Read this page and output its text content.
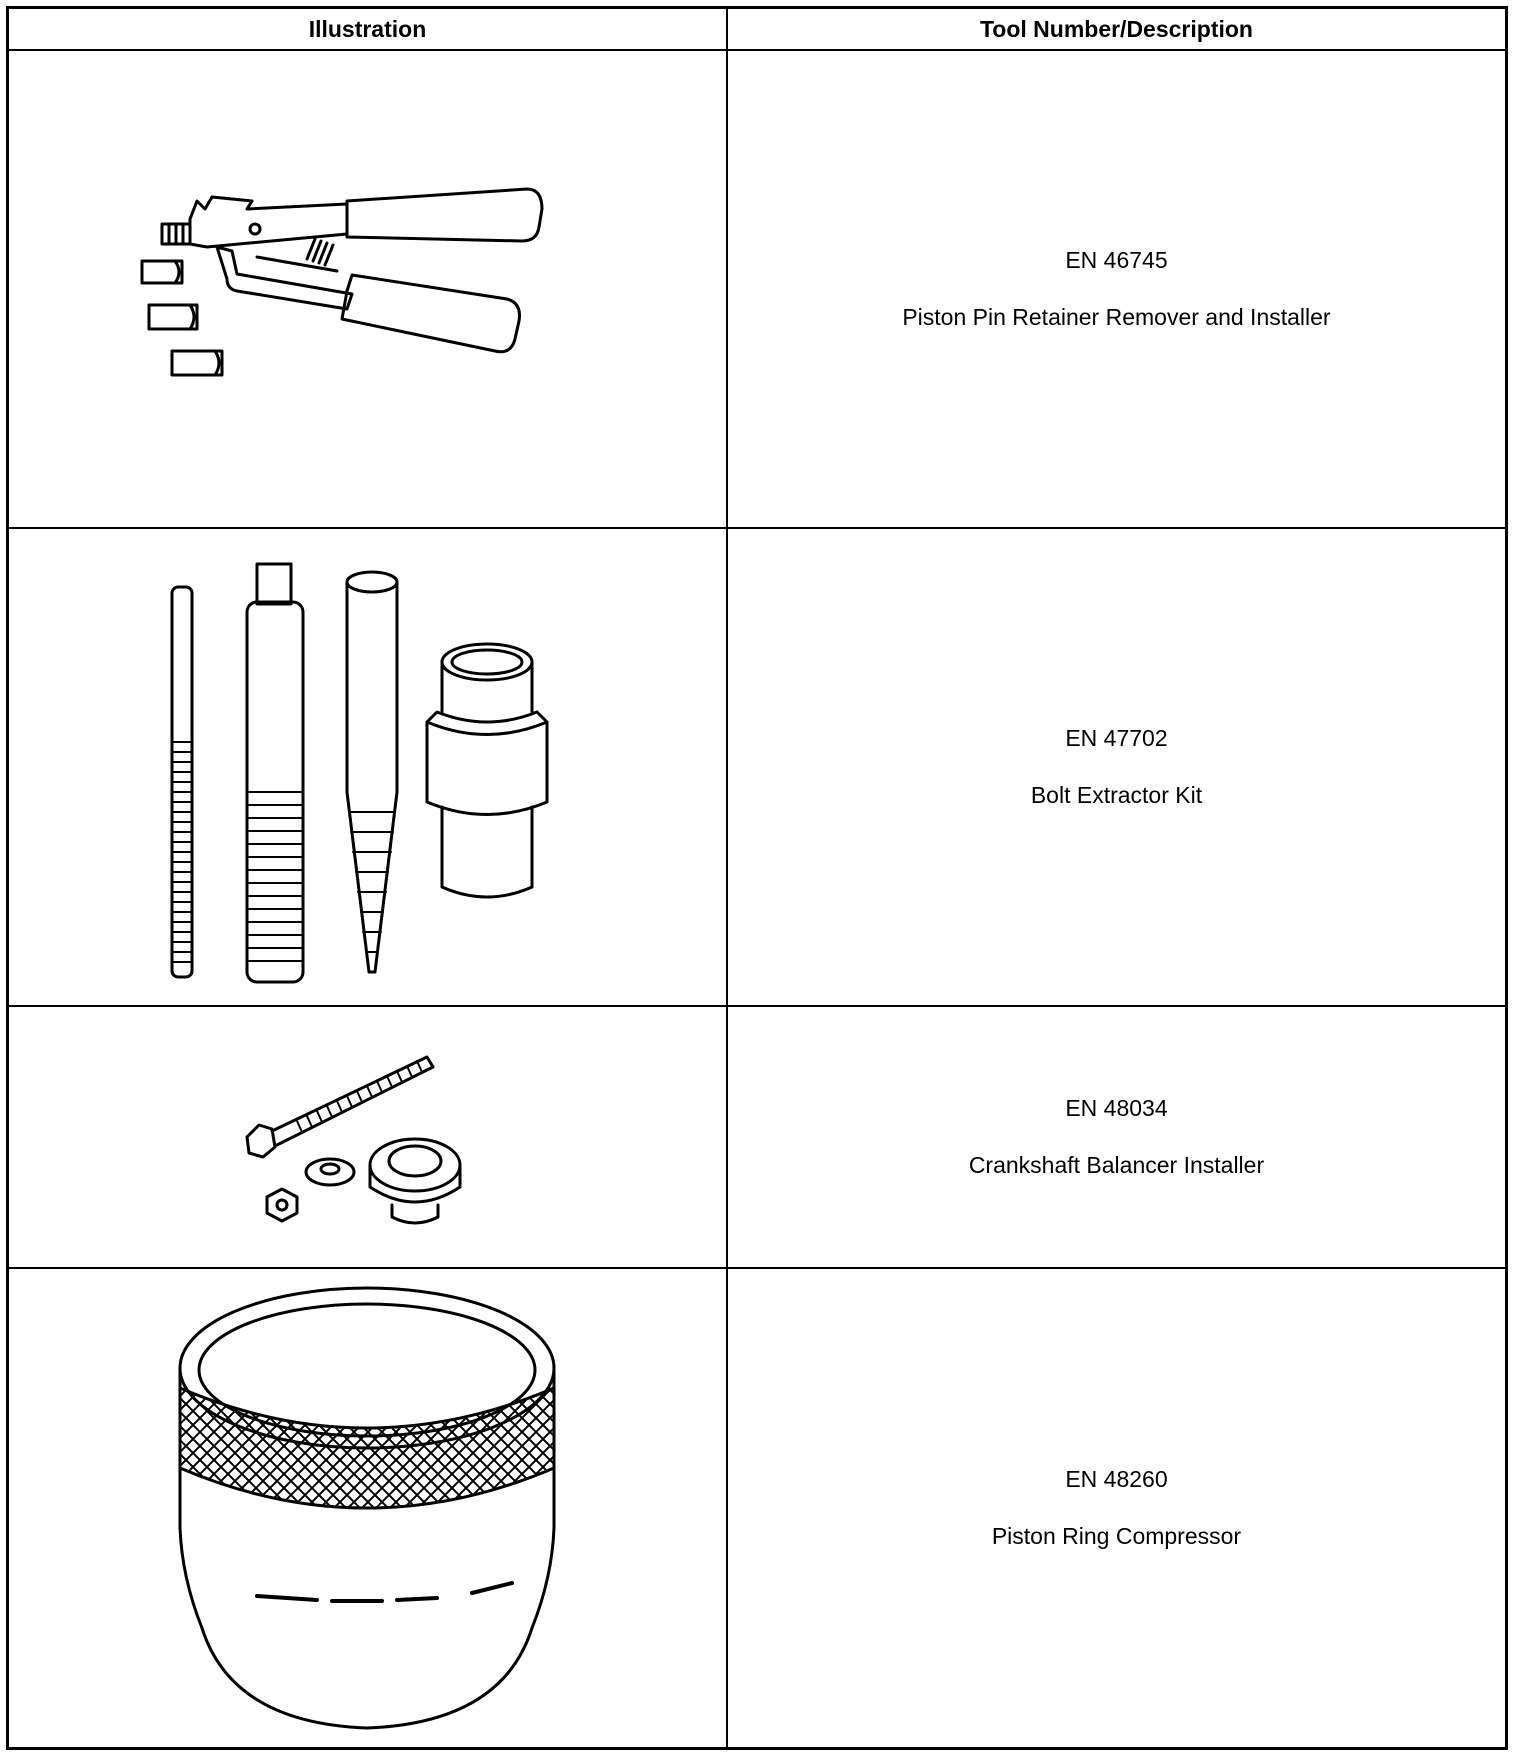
Illustration	Tool Number/Description

EN 46745
Piston Pin Retainer Remover and Installer

EN 47702
Bolt Extractor Kit

EN 48034
Crankshaft Balancer Installer

EN 48260
Piston Ring Compressor
